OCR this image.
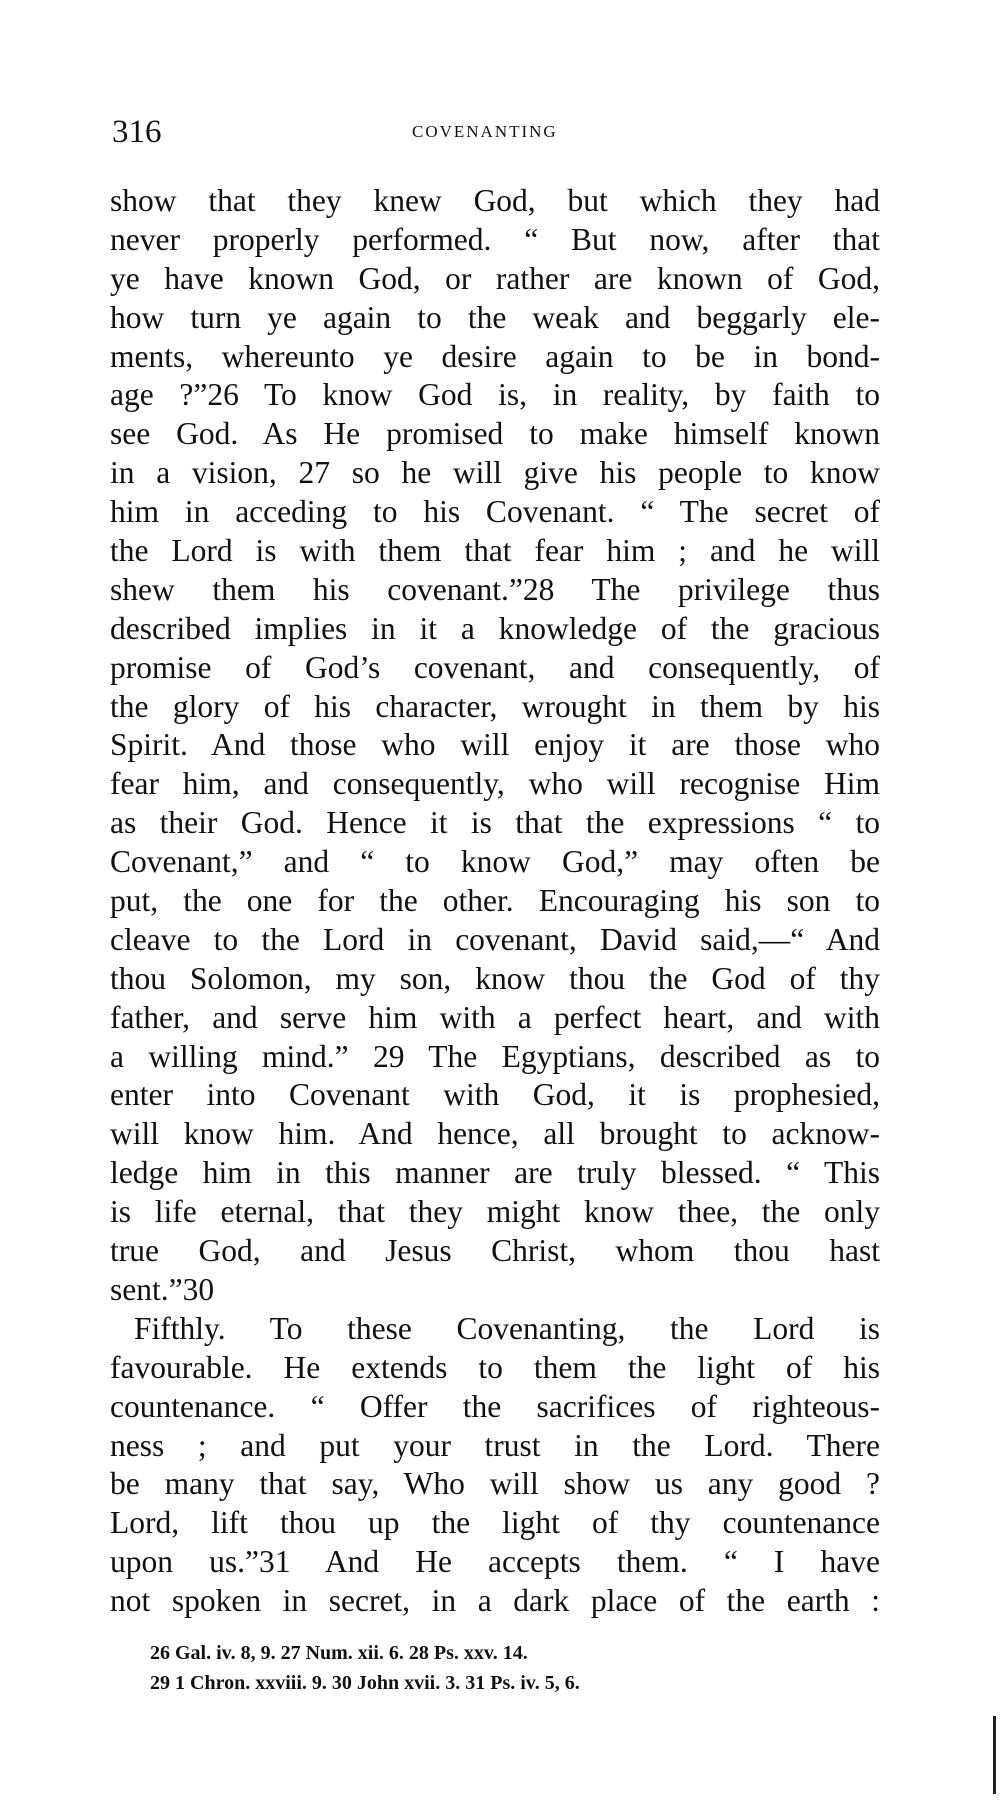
316	COVENANTING
show that they knew God, but which they had
never properly performed. “ But now, after that
ye have known God, or rather are known of God,
how turn ye again to the weak and beggarly ele-
ments, whereunto ye desire again to be in bond-
age ?”26 To know God is, in reality, by faith to
see God. As He promised to make himself known
in a vision, 27 so he will give his people to know
him in acceding to his Covenant. “ The secret of
the Lord is with them that fear him ; and he will
shew them his covenant.”28 The privilege thus
described implies in it a knowledge of the gracious
promise of God’s covenant, and consequently, of
the glory of his character, wrought in them by his
Spirit. And those who will enjoy it are those who
fear him, and consequently, who will recognise Him
as their God. Hence it is that the expressions “ to
Covenant,” and “ to know God,” may often be
put, the one for the other. Encouraging his son to
cleave to the Lord in covenant, David said,—“ And
thou Solomon, my son, know thou the God of thy
father, and serve him with a perfect heart, and with
a willing mind.” 29 The Egyptians, described as to
enter into Covenant with God, it is prophesied,
will know him. And hence, all brought to acknow-
ledge him in this manner are truly blessed. “ This
is life eternal, that they might know thee, the only
true God, and Jesus Christ, whom thou hast
sent.”30
Fifthly. To these Covenanting, the Lord is
favourable. He extends to them the light of his
countenance. “ Offer the sacrifices of righteous-
ness ; and put your trust in the Lord. There
be many that say, Who will show us any good ?
Lord, lift thou up the light of thy countenance
upon us.”31 And He accepts them. “ I have
not spoken in secret, in a dark place of the earth :
26 Gal. iv. 8, 9. 27 Num. xii. 6. 28 Ps. xxv. 14.
29 1 Chron. xxviii. 9. 30 John xvii. 3. 31 Ps. iv. 5, 6.
